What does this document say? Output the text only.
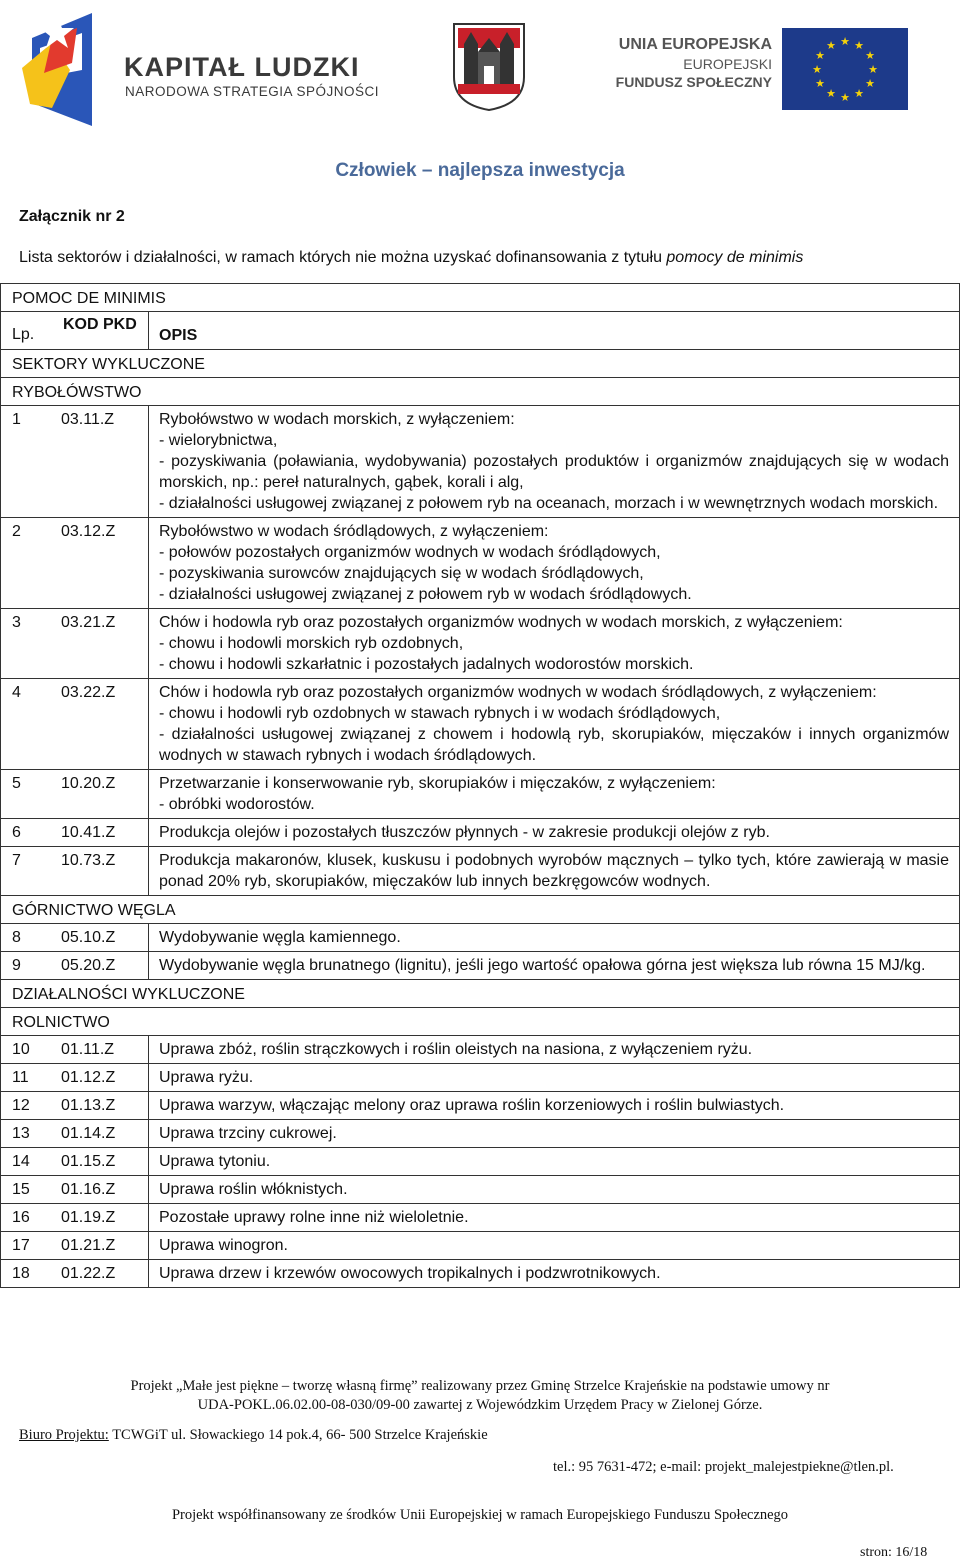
KAPITAŁ LUDZKI
NARODOWA STRATEGIA SPÓJNOŚCI
UNIA EUROPEJSKA
EUROPEJSKI
FUNDUSZ SPOŁECZNY
★ ★
★
★
★
★
★
★
★
★
★
★
Człowiek – najlepsza inwestycja
Załącznik nr 2
Lista sektorów i działalności, w ramach których nie można uzyskać dofinansowania z tytułu pomocy de minimis
POMOC DE MINIMIS		
Lp.	KOD PKD	OPIS

SEKTORY WYKLUCZONE		
RYBOŁÓWSTWO		
1	03.11.Z	Rybołówstwo w wodach morskich, z wyłączeniem:
- wielorybnictwa,
- pozyskiwania (poławiania, wydobywania) pozostałych produktów i organizmów znajdujących się w wodach morskich, np.: pereł naturalnych, gąbek, korali i alg,
- działalności usługowej związanej z połowem ryb na oceanach, morzach i w wewnętrznych wodach morskich.

2	03.12.Z	Rybołówstwo w wodach śródlądowych, z wyłączeniem:
- połowów pozostałych organizmów wodnych w wodach śródlądowych,
- pozyskiwania surowców znajdujących się w wodach śródlądowych,
- działalności usługowej związanej z połowem ryb w wodach śródlądowych.

3	03.21.Z	Chów i hodowla ryb oraz pozostałych organizmów wodnych w wodach morskich, z wyłączeniem:
- chowu i hodowli morskich ryb ozdobnych,
- chowu i hodowli szkarłatnic i pozostałych jadalnych wodorostów morskich.

4	03.22.Z	Chów i hodowla ryb oraz pozostałych organizmów wodnych w wodach śródlądowych, z wyłączeniem:
- chowu i hodowli ryb ozdobnych w stawach rybnych i w wodach śródlądowych,
- działalności usługowej związanej z chowem i hodowlą ryb, skorupiaków, mięczaków i innych organizmów wodnych w stawach rybnych i wodach śródlądowych.

5	10.20.Z	Przetwarzanie i konserwowanie ryb, skorupiaków i mięczaków, z wyłączeniem:
- obróbki wodorostów.

6	10.41.Z	Produkcja olejów i pozostałych tłuszczów płynnych - w zakresie produkcji olejów z ryb.

7	10.73.Z	Produkcja makaronów, klusek, kuskusu i podobnych wyrobów mącznych – tylko tych, które zawierają w masie ponad 20% ryb, skorupiaków, mięczaków lub innych bezkręgowców wodnych.

GÓRNICTWO WĘGLA		
8	05.10.Z	Wydobywanie węgla kamiennego.

9	05.20.Z	Wydobywanie węgla brunatnego (lignitu), jeśli jego wartość opałowa górna jest większa lub równa 15 MJ/kg.

DZIAŁALNOŚCI WYKLUCZONE		
ROLNICTWO		
10	01.11.Z	Uprawa zbóż, roślin strączkowych i roślin oleistych na nasiona, z wyłączeniem ryżu.

11	01.12.Z	Uprawa ryżu.

12	01.13.Z	Uprawa warzyw, włączając melony oraz uprawa roślin korzeniowych i roślin bulwiastych.

13	01.14.Z	Uprawa trzciny cukrowej.

14	01.15.Z	Uprawa tytoniu.

15	01.16.Z	Uprawa roślin włóknistych.

16	01.19.Z	Pozostałe uprawy rolne inne niż wieloletnie.

17	01.21.Z	Uprawa winogron.

18	01.22.Z	Uprawa drzew i krzewów owocowych tropikalnych i podzwrotnikowych.
Projekt „Małe jest piękne – tworzę własną firmę” realizowany przez Gminę Strzelce Krajeńskie na podstawie umowy nr
UDA-POKL.06.02.00-08-030/09-00 zawartej z Wojewódzkim Urzędem Pracy w Zielonej Górze.
Biuro Projektu: TCWGiT ul. Słowackiego 14 pok.4, 66- 500 Strzelce Krajeńskie
tel.: 95 7631-472; e-mail: projekt_malejestpiekne@tlen.pl.
Projekt współfinansowany ze środków Unii Europejskiej w ramach Europejskiego Funduszu Społecznego
stron: 16/18
